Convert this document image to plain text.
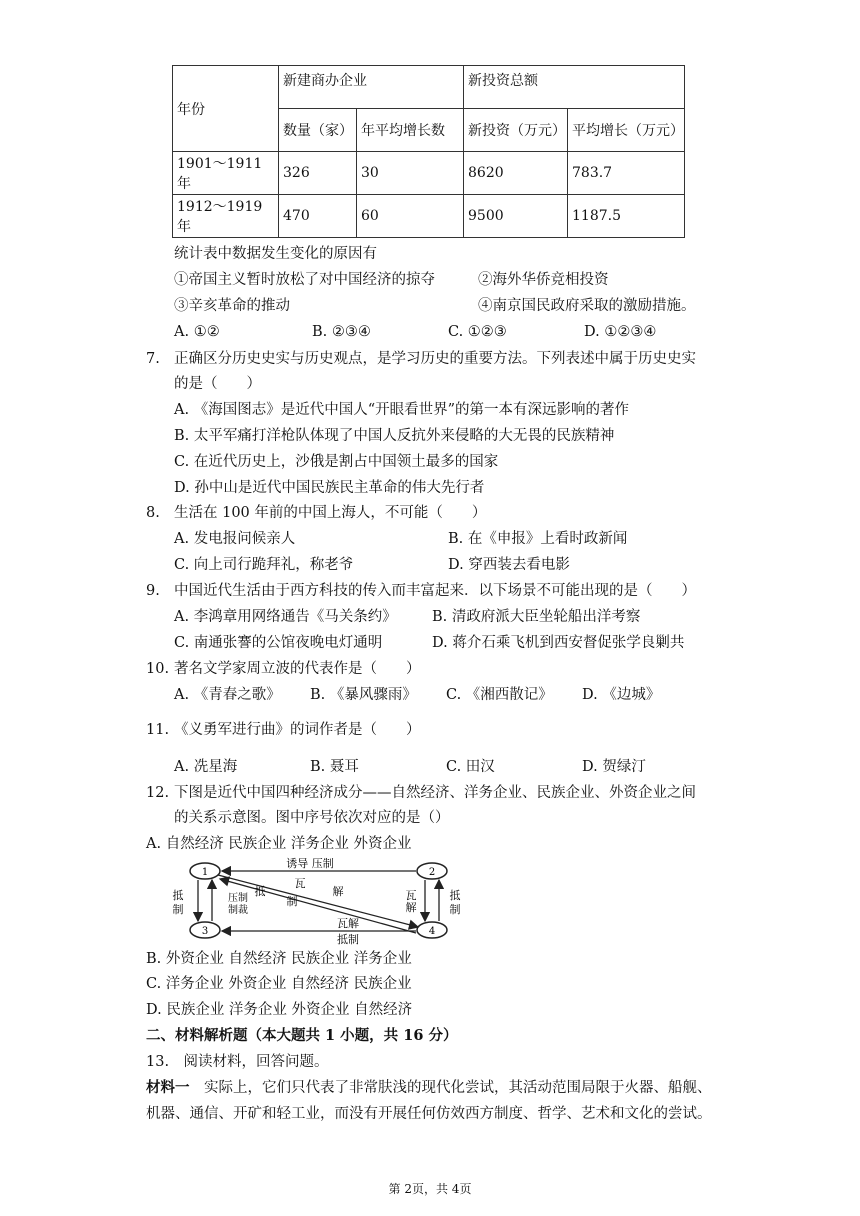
年份	新建商办企业		新投资总额	
	数量（家）	年平均增长数	新投资（万元）	平均增长（万元）
1901～1911 年	326	30	8620	783.7
1912～1919 年	470	60	9500	1187.5
统计表中数据发生变化的原因有
①帝国主义暂时放松了对中国经济的掠夺	②海外华侨竞相投资
③辛亥革命的推动	④南京国民政府采取的激励措施。
A. ①②	B. ②③④	C. ①②③	D. ①②③④
7. 正确区分历史史实与历史观点，是学习历史的重要方法。下列表述中属于历史史实
的是（　　）
A. 《海国图志》是近代中国人“开眼看世界”的第一本有深远影响的著作
B. 太平军痛打洋枪队体现了中国人反抗外来侵略的大无畏的民族精神
C. 在近代历史上，沙俄是割占中国领土最多的国家
D. 孙中山是近代中国民族民主革命的伟大先行者
8. 生活在 100 年前的中国上海人，不可能（　　）
A. 发电报问候亲人	B. 在《申报》上看时政新闻
C. 向上司行跪拜礼，称老爷	D. 穿西装去看电影
9. 中国近代生活由于西方科技的传入而丰富起来．以下场景不可能出现的是（　　）
A. 李鸿章用网络通告《马关条约》 B. 清政府派大臣坐轮船出洋考察
C. 南通张謇的公馆夜晚电灯通明	D. 蒋介石乘飞机到西安督促张学良剿共
10. 著名文学家周立波的代表作是（　　）
A. 《青春之歌》 B. 《暴风骤雨》 C. 《湘西散记》 D. 《边城》
11. 《义勇军进行曲》的词作者是（　　）
A. 冼星海	B. 聂耳	C. 田汉	D. 贺绿汀
12. 下图是近代中国四种经济成分——自然经济、洋务企业、民族企业、外资企业之间
的关系示意图。图中序号依次对应的是（）
A. 自然经济 民族企业 洋务企业 外资企业
1	2
3	4
诱导 压制
瓦解
抵制
瓦
解
抵
制
抵
制
压制
制裁
瓦
解
抵
制
B. 外资企业 自然经济 民族企业 洋务企业
C. 洋务企业 外资企业 自然经济 民族企业
D. 民族企业 洋务企业 外资企业 自然经济
二、材料解析题（本大题共 1 小题，共 16 分）
13.　阅读材料，回答问题。
材料一　实际上，它们只代表了非常肤浅的现代化尝试，其活动范围局限于火器、船舰、
机器、通信、开矿和轻工业，而没有开展任何仿效西方制度、哲学、艺术和文化的尝试。
第 2页，共 4页
